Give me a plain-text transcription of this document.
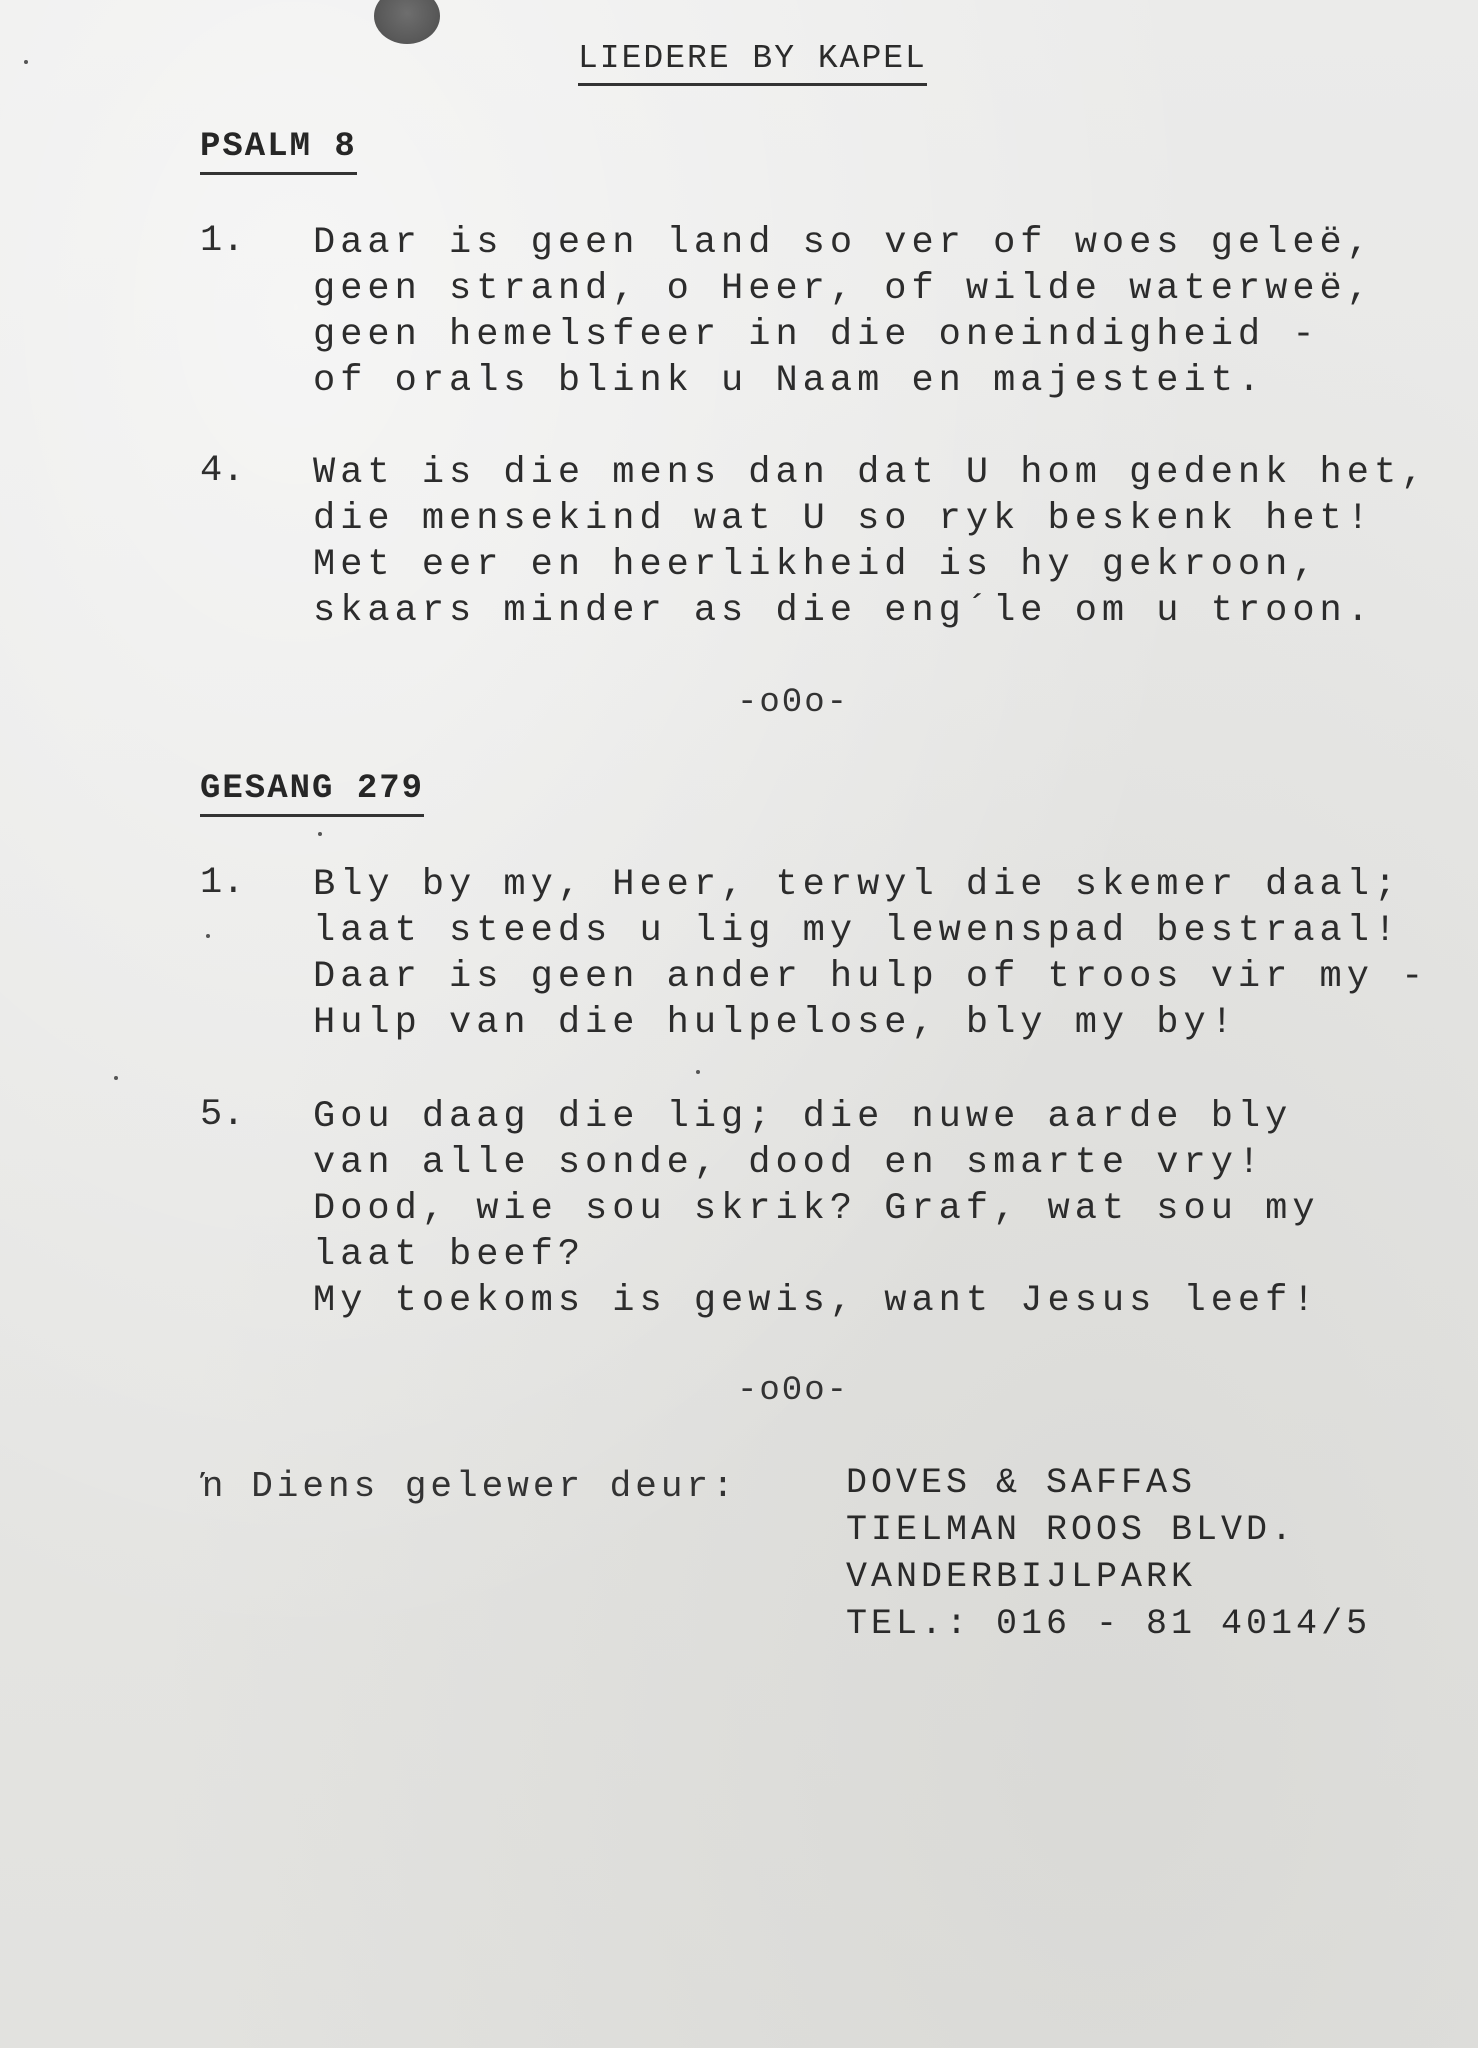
LIEDERE BY KAPEL
PSALM 8
1. Daar is geen land so ver of woes geleë,
geen strand, o Heer, of wilde waterweë,
geen hemelsfeer in die oneindigheid -
of orals blink u Naam en majesteit.
4. Wat is die mens dan dat U hom gedenk het,
die mensekind wat U so ryk beskenk het!
Met eer en heerlikheid is hy gekroon,
skaars minder as die eng´le om u troon.
-o0o-
GESANG 279
1. Bly by my, Heer, terwyl die skemer daal;
laat steeds u lig my lewenspad bestraal!
Daar is geen ander hulp of troos vir my -
Hulp van die hulpelose, bly my by!
5. Gou daag die lig; die nuwe aarde bly
van alle sonde, dood en smarte vry!
Dood, wie sou skrik? Graf, wat sou my
laat beef?
My toekoms is gewis, want Jesus leef!
-o0o-
ŉ Diens gelewer deur:	DOVES & SAFFAS
TIELMAN ROOS BLVD.
VANDERBIJLPARK
TEL.: 016 - 81 4014/5
